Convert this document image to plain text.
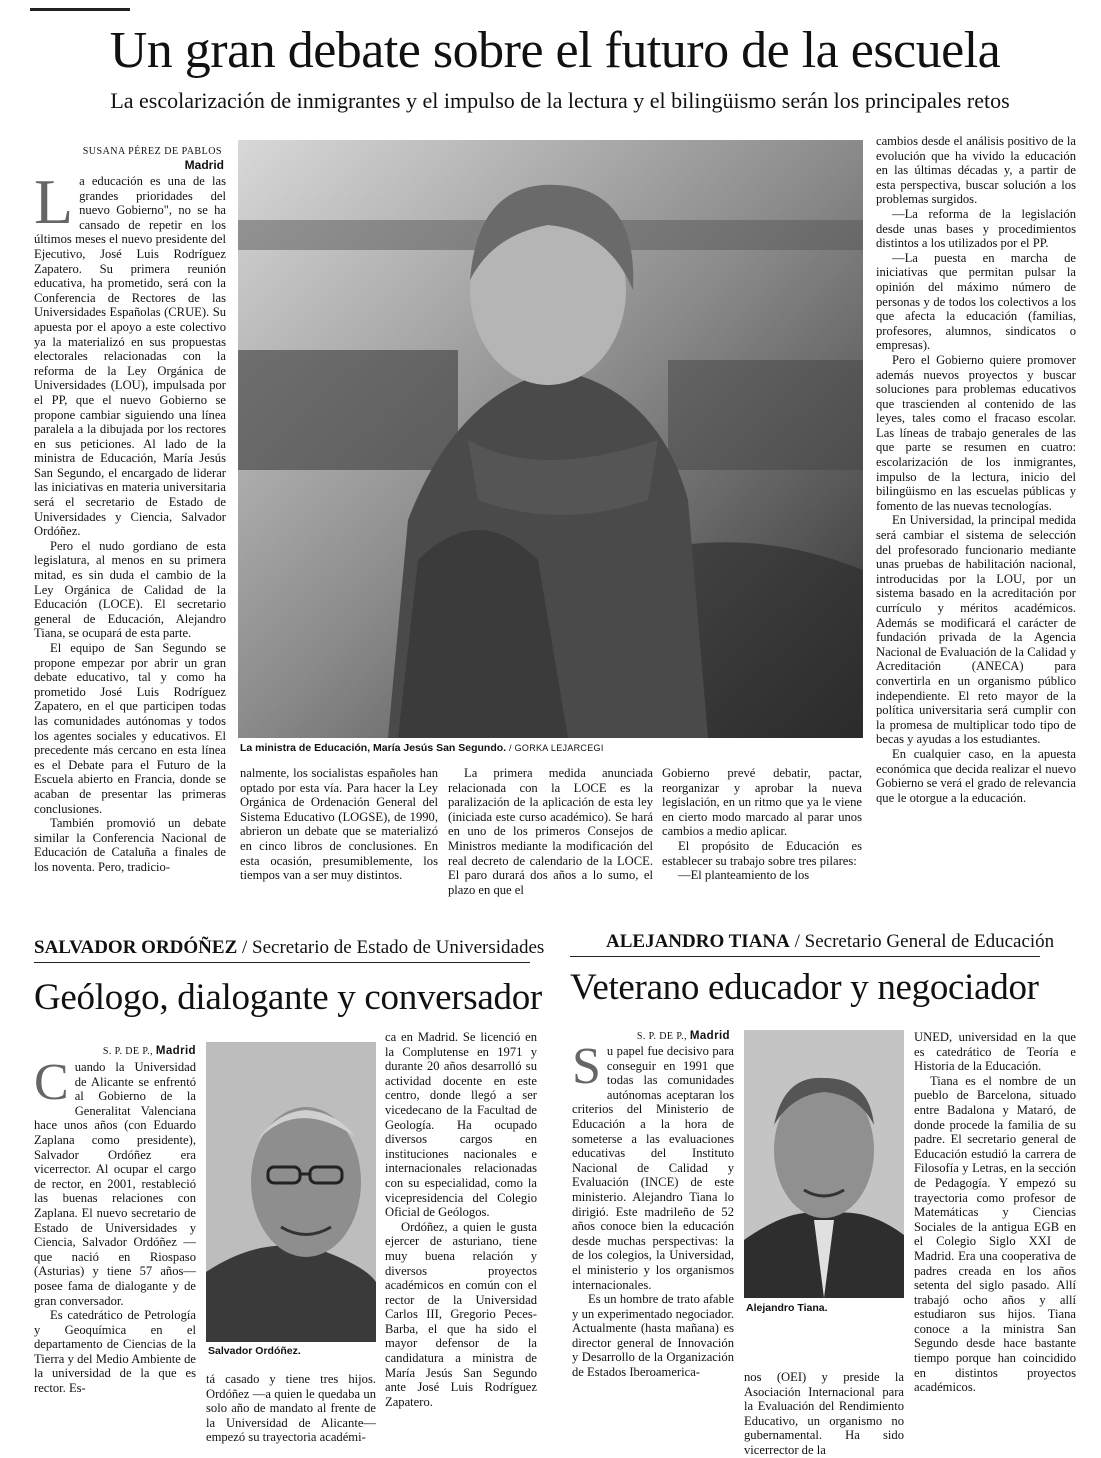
Un gran debate sobre el futuro de la escuela
La escolarización de inmigrantes y el impulso de la lectura y el bilingüismo serán los principales retos
SUSANA PÉREZ DE PABLOS
Madrid

La educación es una de las grandes prioridades del nuevo Gobierno", no se ha cansado de repetir en los últimos meses el nuevo presidente del Ejecutivo, José Luis Rodríguez Zapatero. Su primera reunión educativa, ha prometido, será con la Conferencia de Rectores de las Universidades Españolas (CRUE). Su apuesta por el apoyo a este colectivo ya la materializó en sus propuestas electorales relacionadas con la reforma de la Ley Orgánica de Universidades (LOU), impulsada por el PP, que el nuevo Gobierno se propone cambiar siguiendo una línea paralela a la dibujada por los rectores en sus peticiones. Al lado de la ministra de Educación, María Jesús San Segundo, el encargado de liderar las iniciativas en materia universitaria será el secretario de Estado de Universidades y Ciencia, Salvador Ordóñez.

Pero el nudo gordiano de esta legislatura, al menos en su primera mitad, es sin duda el cambio de la Ley Orgánica de Calidad de la Educación (LOCE). El secretario general de Educación, Alejandro Tiana, se ocupará de esta parte.

El equipo de San Segundo se propone empezar por abrir un gran debate educativo, tal y como ha prometido José Luis Rodríguez Zapatero, en el que participen todas las comunidades autónomas y todos los agentes sociales y educativos. El precedente más cercano en esta línea es el Debate para el Futuro de la Escuela abierto en Francia, donde se acaban de presentar las primeras conclusiones.

También promovió un debate similar la Conferencia Nacional de Educación de Cataluña a finales de los noventa. Pero, tradicio-

La ministra de Educación, María Jesús San Segundo. / GORKA LEJARCEGI

nalmente, los socialistas españoles han optado por esta vía. Para hacer la Ley Orgánica de Ordenación General del Sistema Educativo (LOGSE), de 1990, abrieron un debate que se materializó en cinco libros de conclusiones. En esta ocasión, presumiblemente, los tiempos van a ser muy distintos.

La primera medida anunciada relacionada con la LOCE es la paralización de la aplicación de esta ley (iniciada este curso académico). Se hará en uno de los primeros Consejos de Ministros mediante la modificación del real decreto de calendario de la LOCE. El paro durará dos años a lo sumo, el plazo en que el

Gobierno prevé debatir, pactar, reorganizar y aprobar la nueva legislación, en un ritmo que ya le viene en cierto modo marcado al parar unos cambios a medio aplicar.

El propósito de Educación es establecer su trabajo sobre tres pilares:

—El planteamiento de los

cambios desde el análisis positivo de la evolución que ha vivido la educación en las últimas décadas y, a partir de esta perspectiva, buscar solución a los problemas surgidos.

—La reforma de la legislación desde unas bases y procedimientos distintos a los utilizados por el PP.

—La puesta en marcha de iniciativas que permitan pulsar la opinión del máximo número de personas y de todos los colectivos a los que afecta la educación (familias, profesores, alumnos, sindicatos o empresas).

Pero el Gobierno quiere promover además nuevos proyectos y buscar soluciones para problemas educativos que trascienden al contenido de las leyes, tales como el fracaso escolar. Las líneas de trabajo generales de las que parte se resumen en cuatro: escolarización de los inmigrantes, impulso de la lectura, inicio del bilingüismo en las escuelas públicas y fomento de las nuevas tecnologías.

En Universidad, la principal medida será cambiar el sistema de selección del profesorado funcionario mediante unas pruebas de habilitación nacional, introducidas por la LOU, por un sistema basado en la acreditación por currículo y méritos académicos. Además se modificará el carácter de fundación privada de la Agencia Nacional de Evaluación de la Calidad y Acreditación (ANECA) para convertirla en un organismo público independiente. El reto mayor de la política universitaria será cumplir con la promesa de multiplicar todo tipo de becas y ayudas a los estudiantes.

En cualquier caso, en la apuesta económica que decida realizar el nuevo Gobierno se verá el grado de relevancia que le otorgue a la educación.

SALVADOR ORDÓÑEZ / Secretario de Estado de Universidades
Geólogo, dialogante y conversador
S. P. DE P., Madrid

Cuando la Universidad de Alicante se enfrentó al Gobierno de la Generalitat Valenciana hace unos años (con Eduardo Zaplana como presidente), Salvador Ordóñez era vicerrector. Al ocupar el cargo de rector, en 2001, restableció las buenas relaciones con Zaplana. El nuevo secretario de Estado de Universidades y Ciencia, Salvador Ordóñez —que nació en Riospaso (Asturias) y tiene 57 años— posee fama de dialogante y de gran conversador.

Es catedrático de Petrología y Geoquímica en el departamento de Ciencias de la Tierra y del Medio Ambiente de la universidad de la que es rector. Es-

Salvador Ordóñez.

tá casado y tiene tres hijos. Ordóñez —a quien le quedaba un solo año de mandato al frente de la Universidad de Alicante— empezó su trayectoria académi-

ca en Madrid. Se licenció en la Complutense en 1971 y durante 20 años desarrolló su actividad docente en este centro, donde llegó a ser vicedecano de la Facultad de Geología. Ha ocupado diversos cargos en instituciones nacionales e internacionales relacionadas con su especialidad, como la vicepresidencia del Colegio Oficial de Geólogos.

Ordóñez, a quien le gusta ejercer de asturiano, tiene muy buena relación y diversos proyectos académicos en común con el rector de la Universidad Carlos III, Gregorio Peces-Barba, el que ha sido el mayor defensor de la candidatura a ministra de María Jesús San Segundo ante José Luis Rodríguez Zapatero.

ALEJANDRO TIANA / Secretario General de Educación
Veterano educador y negociador
S. P. DE P., Madrid

Su papel fue decisivo para conseguir en 1991 que todas las comunidades autónomas aceptaran los criterios del Ministerio de Educación a la hora de someterse a las evaluaciones educativas del Instituto Nacional de Calidad y Evaluación (INCE) de este ministerio. Alejandro Tiana lo dirigió. Este madrileño de 52 años conoce bien la educación desde muchas perspectivas: la de los colegios, la Universidad, el ministerio y los organismos internacionales.

Es un hombre de trato afable y un experimentado negociador. Actualmente (hasta mañana) es director general de Innovación y Desarrollo de la Organización de Estados Iberoamerica-

Alejandro Tiana.

nos (OEI) y preside la Asociación Internacional para la Evaluación del Rendimiento Educativo, un organismo no gubernamental. Ha sido vicerrector de la

UNED, universidad en la que es catedrático de Teoría e Historia de la Educación.

Tiana es el nombre de un pueblo de Barcelona, situado entre Badalona y Mataró, de donde procede la familia de su padre. El secretario general de Educación estudió la carrera de Filosofía y Letras, en la sección de Pedagogía. Y empezó su trayectoria como profesor de Matemáticas y Ciencias Sociales de la antigua EGB en el Colegio Siglo XXI de Madrid. Era una cooperativa de padres creada en los años setenta del siglo pasado. Allí trabajó ocho años y allí estudiaron sus hijos. Tiana conoce a la ministra San Segundo desde hace bastante tiempo porque han coincidido en distintos proyectos académicos.
